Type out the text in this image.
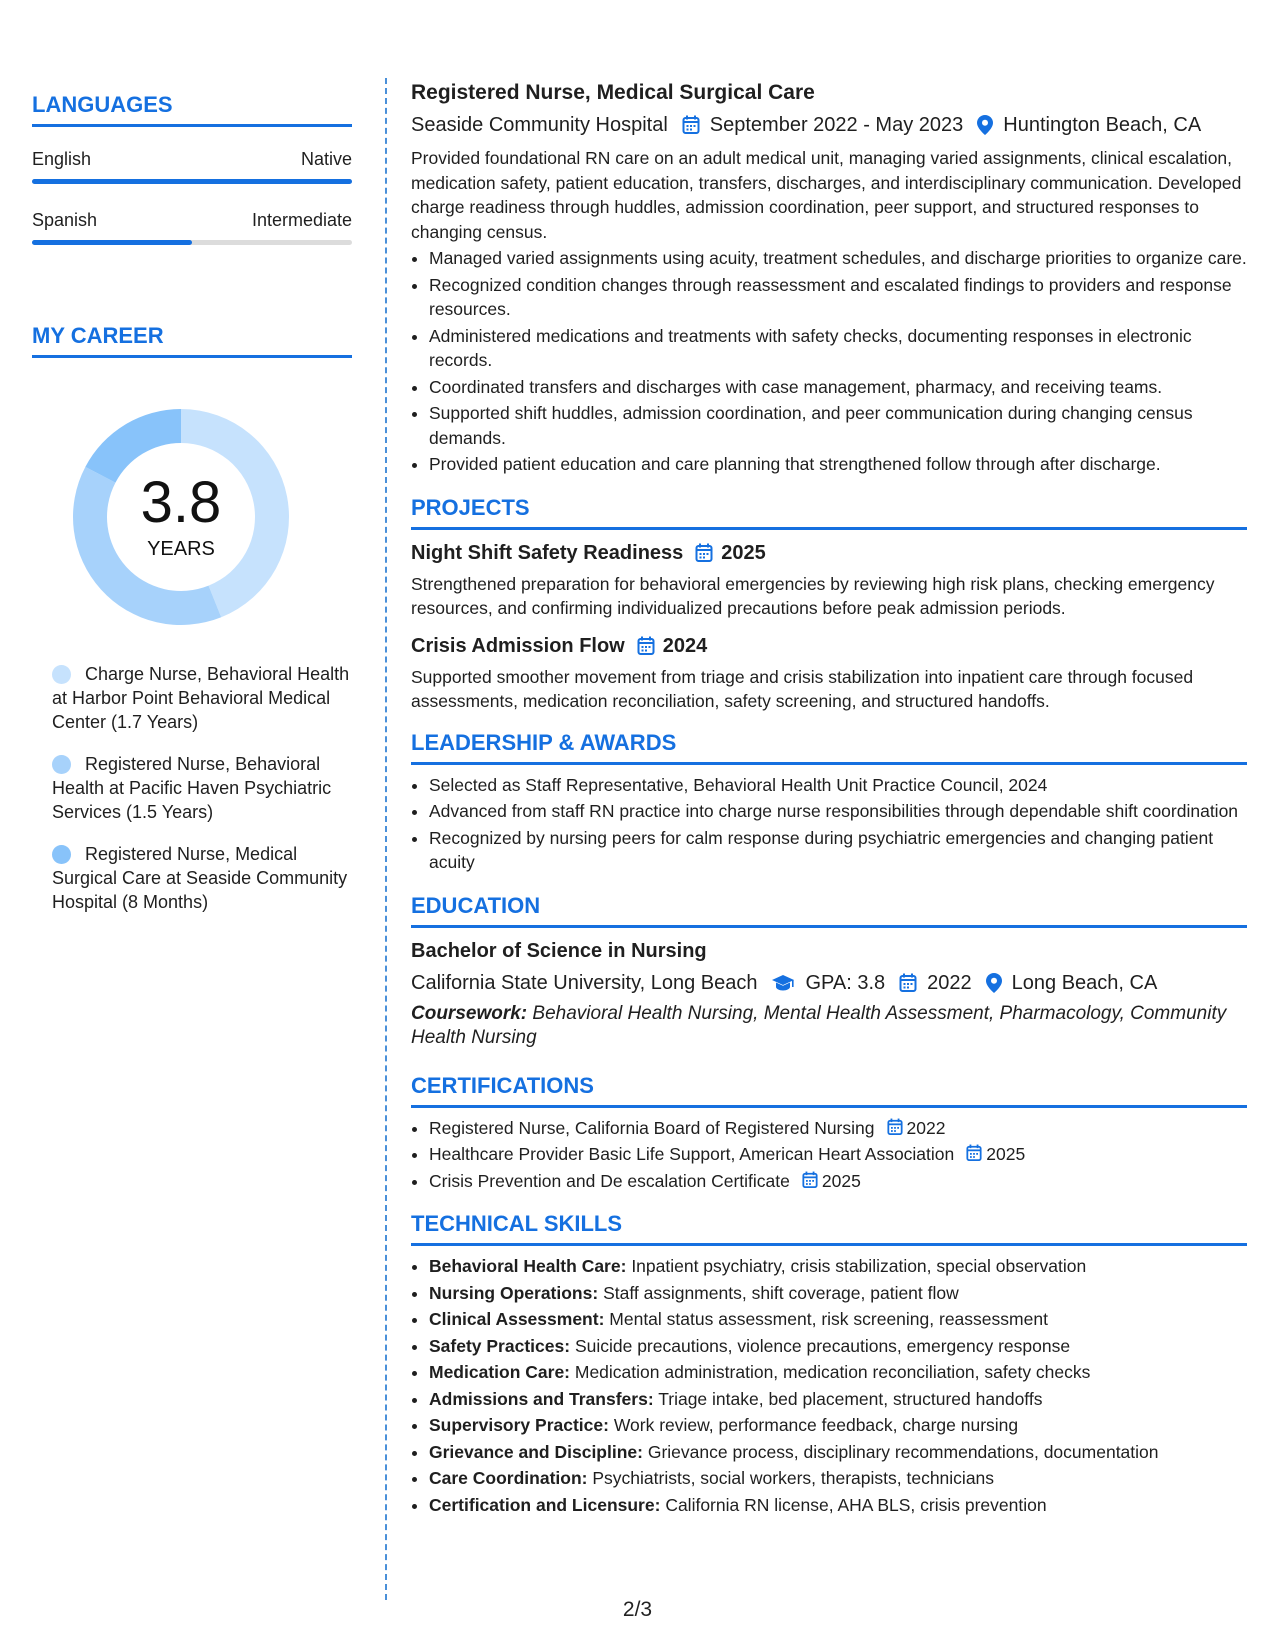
LANGUAGES
English	Native
Spanish	Intermediate
MY CAREER
3.8
YEARS
Charge Nurse, Behavioral Health at Harbor Point Behavioral Medical Center (1.7 Years)
Registered Nurse, Behavioral Health at Pacific Haven Psychiatric Services (1.5 Years)
Registered Nurse, Medical Surgical Care at Seaside Community Hospital (8 Months)
Registered Nurse, Medical Surgical Care
Seaside Community Hospital September 2022 - May 2023 Huntington Beach, CA
Provided foundational RN care on an adult medical unit, managing varied assignments, clinical escalation, medication safety, patient education, transfers, discharges, and interdisciplinary communication. Developed charge readiness through huddles, admission coordination, peer support, and structured responses to changing census.
• Managed varied assignments using acuity, treatment schedules, and discharge priorities to organize care.
• Recognized condition changes through reassessment and escalated findings to providers and response resources.
• Administered medications and treatments with safety checks, documenting responses in electronic records.
• Coordinated transfers and discharges with case management, pharmacy, and receiving teams.
• Supported shift huddles, admission coordination, and peer communication during changing census demands.
• Provided patient education and care planning that strengthened follow through after discharge.
PROJECTS
Night Shift Safety Readiness 2025
Strengthened preparation for behavioral emergencies by reviewing high risk plans, checking emergency resources, and confirming individualized precautions before peak admission periods.
Crisis Admission Flow 2024
Supported smoother movement from triage and crisis stabilization into inpatient care through focused assessments, medication reconciliation, safety screening, and structured handoffs.
LEADERSHIP & AWARDS
• Selected as Staff Representative, Behavioral Health Unit Practice Council, 2024
• Advanced from staff RN practice into charge nurse responsibilities through dependable shift coordination
• Recognized by nursing peers for calm response during psychiatric emergencies and changing patient acuity
EDUCATION
Bachelor of Science in Nursing
California State University, Long Beach GPA: 3.8 2022 Long Beach, CA
Coursework: Behavioral Health Nursing, Mental Health Assessment, Pharmacology, Community Health Nursing
CERTIFICATIONS
• Registered Nurse, California Board of Registered Nursing 2022
• Healthcare Provider Basic Life Support, American Heart Association 2025
• Crisis Prevention and De escalation Certificate 2025
TECHNICAL SKILLS
• Behavioral Health Care: Inpatient psychiatry, crisis stabilization, special observation
• Nursing Operations: Staff assignments, shift coverage, patient flow
• Clinical Assessment: Mental status assessment, risk screening, reassessment
• Safety Practices: Suicide precautions, violence precautions, emergency response
• Medication Care: Medication administration, medication reconciliation, safety checks
• Admissions and Transfers: Triage intake, bed placement, structured handoffs
• Supervisory Practice: Work review, performance feedback, charge nursing
• Grievance and Discipline: Grievance process, disciplinary recommendations, documentation
• Care Coordination: Psychiatrists, social workers, therapists, technicians
• Certification and Licensure: California RN license, AHA BLS, crisis prevention
2/3
